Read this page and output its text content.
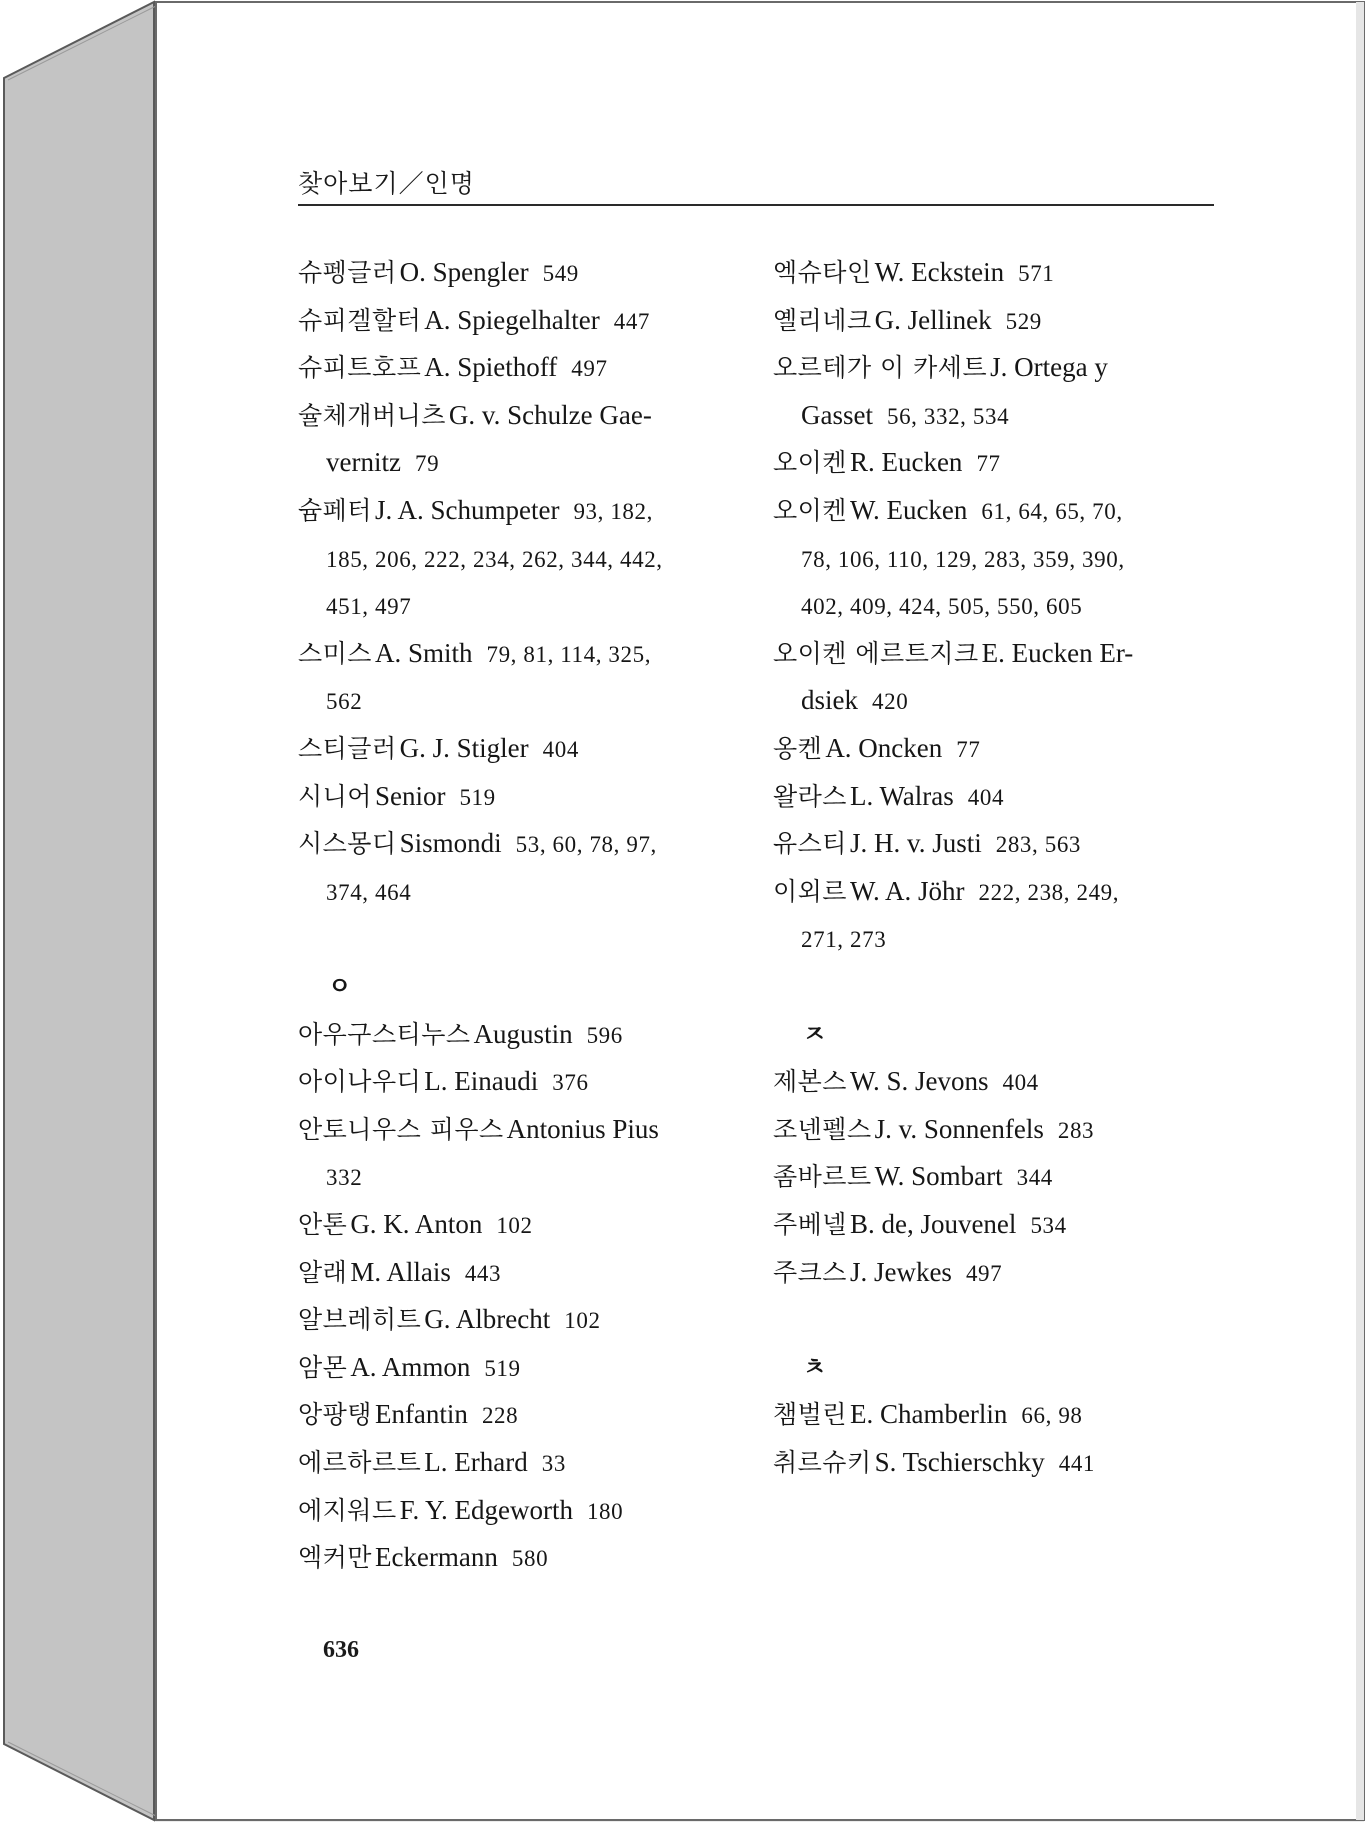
찾아보기／인명
슈펭글러 O. Spengler 549
슈피겔할터 A. Spiegelhalter 447
슈피트호프 A. Spiethoff 497
슐체개버니츠 G. v. Schulze Gae-
vernitz 79
슘페터 J. A. Schumpeter 93, 182,
185, 206, 222, 234, 262, 344, 442,
451, 497
스미스 A. Smith 79, 81, 114, 325,
562
스티글러 G. J. Stigler 404
시니어 Senior 519
시스몽디 Sismondi 53, 60, 78, 97,
374, 464
ㅇ
아우구스티누스 Augustin 596
아이나우디 L. Einaudi 376
안토니우스 피우스 Antonius Pius
332
안톤 G. K. Anton 102
알래 M. Allais 443
알브레히트 G. Albrecht 102
암몬 A. Ammon 519
앙팡탱 Enfantin 228
에르하르트 L. Erhard 33
에지워드 F. Y. Edgeworth 180
엑커만 Eckermann 580
엑슈타인 W. Eckstein 571
옐리네크 G. Jellinek 529
오르테가 이 카세트 J. Ortega y
Gasset 56, 332, 534
오이켄 R. Eucken 77
오이켄 W. Eucken 61, 64, 65, 70,
78, 106, 110, 129, 283, 359, 390,
402, 409, 424, 505, 550, 605
오이켄 에르트지크 E. Eucken Er-
dsiek 420
옹켄 A. Oncken 77
왈라스 L. Walras 404
유스티 J. H. v. Justi 283, 563
이외르 W. A. Jöhr 222, 238, 249,
271, 273
ㅈ
제본스 W. S. Jevons 404
조넨펠스 J. v. Sonnenfels 283
좀바르트 W. Sombart 344
주베넬 B. de, Jouvenel 534
주크스 J. Jewkes 497
ㅊ
챔벌린 E. Chamberlin 66, 98
취르슈키 S. Tschierschky 441
636
